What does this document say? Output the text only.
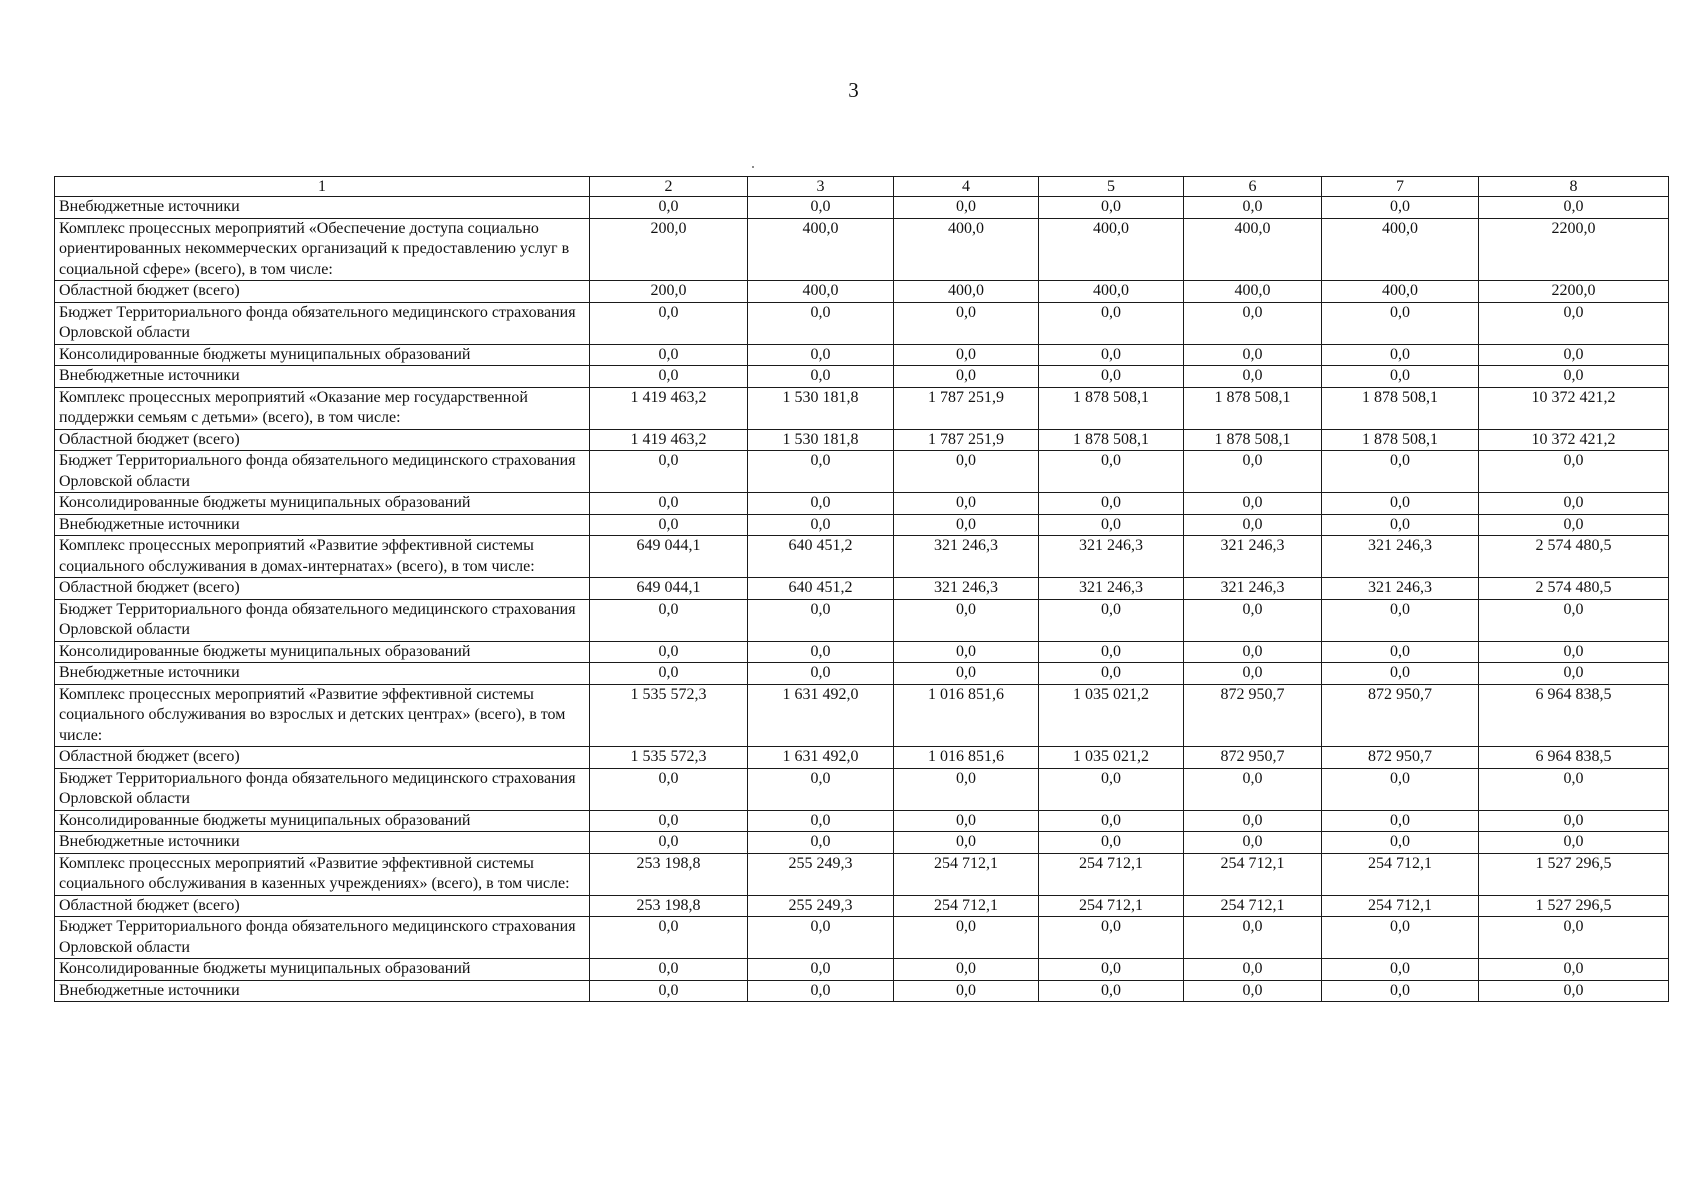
3
1	2	3	4	5	6	7	8
Внебюджетные источники	0,0	0,0	0,0	0,0	0,0	0,0	0,0
Комплекс процессных мероприятий «Обеспечение доступа социально ориентированных некоммерческих организаций к предоставлению услуг в социальной сфере» (всего), в том числе:	200,0	400,0	400,0	400,0	400,0	400,0	2200,0
Областной бюджет (всего)	200,0	400,0	400,0	400,0	400,0	400,0	2200,0
Бюджет Территориального фонда обязательного медицинского страхования Орловской области	0,0	0,0	0,0	0,0	0,0	0,0	0,0
Консолидированные бюджеты муниципальных образований	0,0	0,0	0,0	0,0	0,0	0,0	0,0
Внебюджетные источники	0,0	0,0	0,0	0,0	0,0	0,0	0,0
Комплекс процессных мероприятий «Оказание мер государственной поддержки семьям с детьми» (всего), в том числе:	1 419 463,2	1 530 181,8	1 787 251,9	1 878 508,1	1 878 508,1	1 878 508,1	10 372 421,2
Областной бюджет (всего)	1 419 463,2	1 530 181,8	1 787 251,9	1 878 508,1	1 878 508,1	1 878 508,1	10 372 421,2
Бюджет Территориального фонда обязательного медицинского страхования Орловской области	0,0	0,0	0,0	0,0	0,0	0,0	0,0
Консолидированные бюджеты муниципальных образований	0,0	0,0	0,0	0,0	0,0	0,0	0,0
Внебюджетные источники	0,0	0,0	0,0	0,0	0,0	0,0	0,0
Комплекс процессных мероприятий «Развитие эффективной системы социального обслуживания в домах-интернатах» (всего), в том числе:	649 044,1	640 451,2	321 246,3	321 246,3	321 246,3	321 246,3	2 574 480,5
Областной бюджет (всего)	649 044,1	640 451,2	321 246,3	321 246,3	321 246,3	321 246,3	2 574 480,5
Бюджет Территориального фонда обязательного медицинского страхования Орловской области	0,0	0,0	0,0	0,0	0,0	0,0	0,0
Консолидированные бюджеты муниципальных образований	0,0	0,0	0,0	0,0	0,0	0,0	0,0
Внебюджетные источники	0,0	0,0	0,0	0,0	0,0	0,0	0,0
Комплекс процессных мероприятий «Развитие эффективной системы социального обслуживания во взрослых и детских центрах» (всего), в том числе:	1 535 572,3	1 631 492,0	1 016 851,6	1 035 021,2	872 950,7	872 950,7	6 964 838,5
Областной бюджет (всего)	1 535 572,3	1 631 492,0	1 016 851,6	1 035 021,2	872 950,7	872 950,7	6 964 838,5
Бюджет Территориального фонда обязательного медицинского страхования Орловской области	0,0	0,0	0,0	0,0	0,0	0,0	0,0
Консолидированные бюджеты муниципальных образований	0,0	0,0	0,0	0,0	0,0	0,0	0,0
Внебюджетные источники	0,0	0,0	0,0	0,0	0,0	0,0	0,0
Комплекс процессных мероприятий «Развитие эффективной системы социального обслуживания в казенных учреждениях» (всего), в том числе:	253 198,8	255 249,3	254 712,1	254 712,1	254 712,1	254 712,1	1 527 296,5
Областной бюджет (всего)	253 198,8	255 249,3	254 712,1	254 712,1	254 712,1	254 712,1	1 527 296,5
Бюджет Территориального фонда обязательного медицинского страхования Орловской области	0,0	0,0	0,0	0,0	0,0	0,0	0,0
Консолидированные бюджеты муниципальных образований	0,0	0,0	0,0	0,0	0,0	0,0	0,0
Внебюджетные источники	0,0	0,0	0,0	0,0	0,0	0,0	0,0
